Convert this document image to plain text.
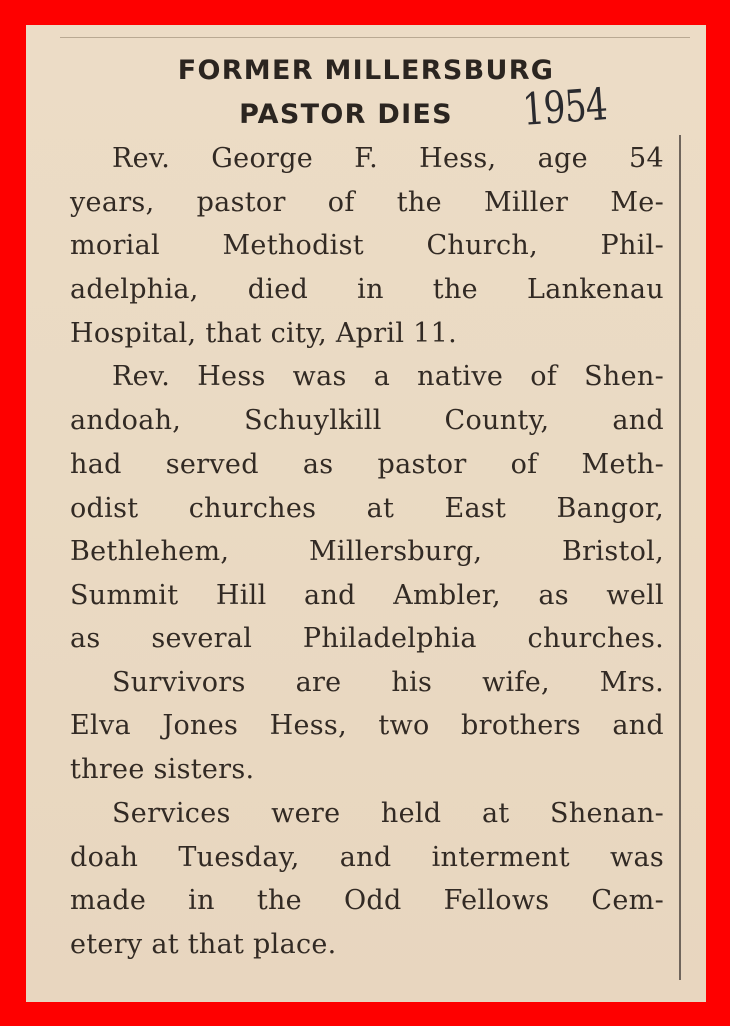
FORMER MILLERSBURG
PASTOR DIES	1954
Rev. George F. Hess, age 54
years, pastor of the Miller Me-
morial Methodist Church, Phil-
adelphia, died in the Lankenau
Hospital, that city, April 11.
Rev. Hess was a native of Shen-
andoah, Schuylkill County, and
had served as pastor of Meth-
odist churches at East Bangor,
Bethlehem, Millersburg, Bristol,
Summit Hill and Ambler, as well
as several Philadelphia churches.
Survivors are his wife, Mrs.
Elva Jones Hess, two brothers and
three sisters.
Services were held at Shenan-
doah Tuesday, and interment was
made in the Odd Fellows Cem-
etery at that place.
